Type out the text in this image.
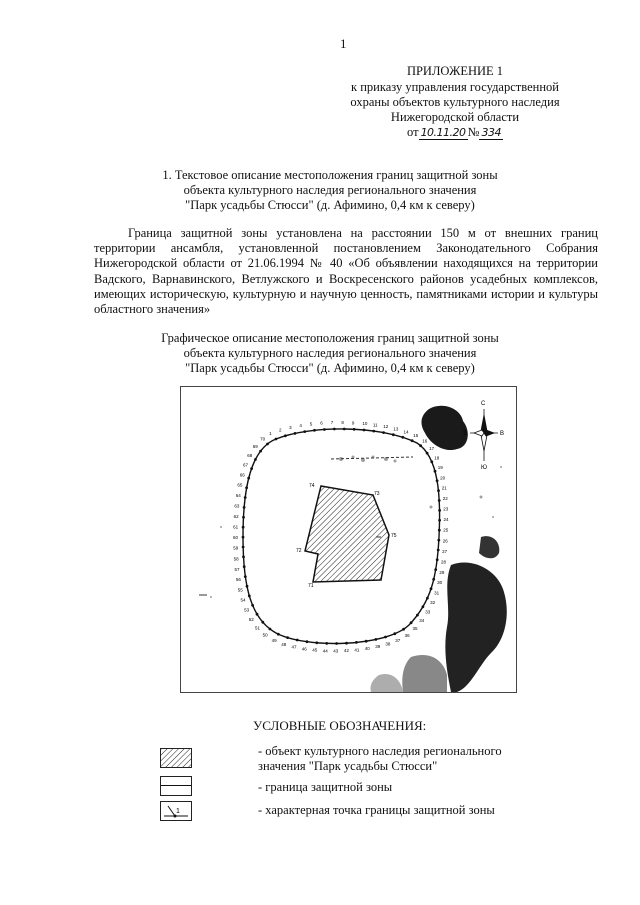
1
ПРИЛОЖЕНИЕ 1
к приказу управления государственной
охраны объектов культурного наследия
Нижегородской области
от 10.11.20 № 334
1. Текстовое описание местоположения границ защитной зоны
объекта культурного наследия регионального значения
"Парк усадьбы Стюсси" (д. Афимино, 0,4 км к северу)

Граница защитной зоны установлена на расстоянии 150 м от внешних границ территории ансамбля, установленной постановлением Законодательного Собрания Нижегородской области от 21.06.1994 № 40 «Об объявлении находящихся на территории Вадского, Варнавинского, Ветлужского и Воскресенского районов усадебных комплексов, имеющих историческую, культурную и научную ценность, памятниками истории и культуры областного значения»

Графическое описание местоположения границ защитной зоны
объекта культурного наследия регионального значения
"Парк усадьбы Стюсси" (д. Афимино, 0,4 км к северу)
С
Ю
З	В
74
73
75
71
72
1
2
3 4 5 6 7 8 9 10 11 12 13
14
15
16
17
18
19
20
21
22
23
24
25
26
27
28
29
30
31
32
33
34
35
36
37
38
39
40
41
42
43
44
45
46
47
48
49
50
51
52
53
54
55
56
57
58
59
60
61
62
63
64
65
66
67
68
69
70
УСЛОВНЫЕ ОБОЗНАЧЕНИЯ:
- объект культурного наследия регионального
значения "Парк усадьбы Стюсси"
- граница защитной зоны
1	- характерная точка границы защитной зоны
